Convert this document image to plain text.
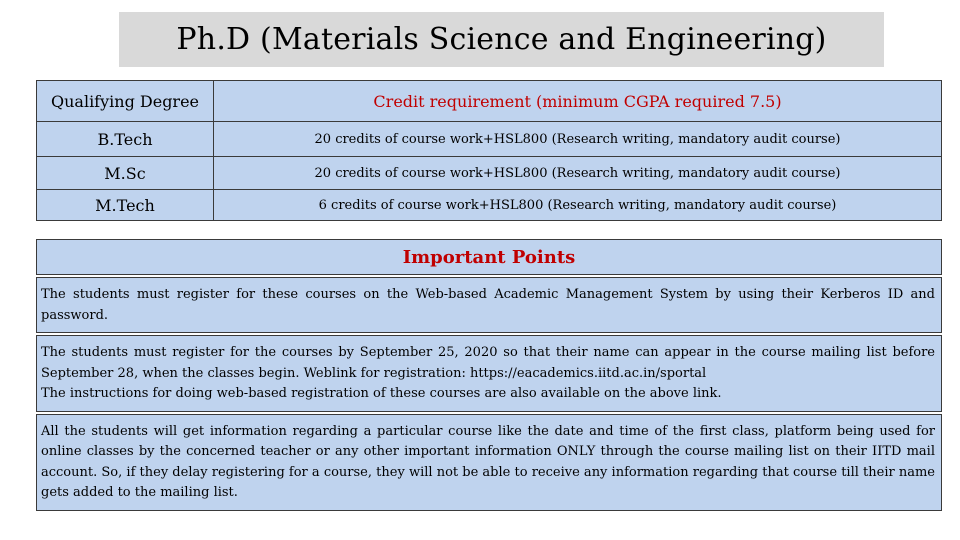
Ph.D (Materials Science and Engineering)
Qualifying Degree	Credit requirement (minimum CGPA required 7.5)
B.Tech	20 credits of course work+HSL800 (Research writing, mandatory audit course)
M.Sc	20 credits of course work+HSL800 (Research writing, mandatory audit course)
M.Tech	6 credits of course work+HSL800 (Research writing, mandatory audit course)
Important Points
The students must register for these courses on the Web-based Academic Management System by using their Kerberos ID and password.
The students must register for the courses by September 25, 2020 so that their name can appear in the course mailing list before September 28, when the classes begin. Weblink for registration: https://eacademics.iitd.ac.in/sportal
The instructions for doing web-based registration of these courses are also available on the above link.
All the students will get information regarding a particular course like the date and time of the first class, platform being used for online classes by the concerned teacher or any other important information ONLY through the course mailing list on their IITD mail account. So, if they delay registering for a course, they will not be able to receive any information regarding that course till their name gets added to the mailing list.
